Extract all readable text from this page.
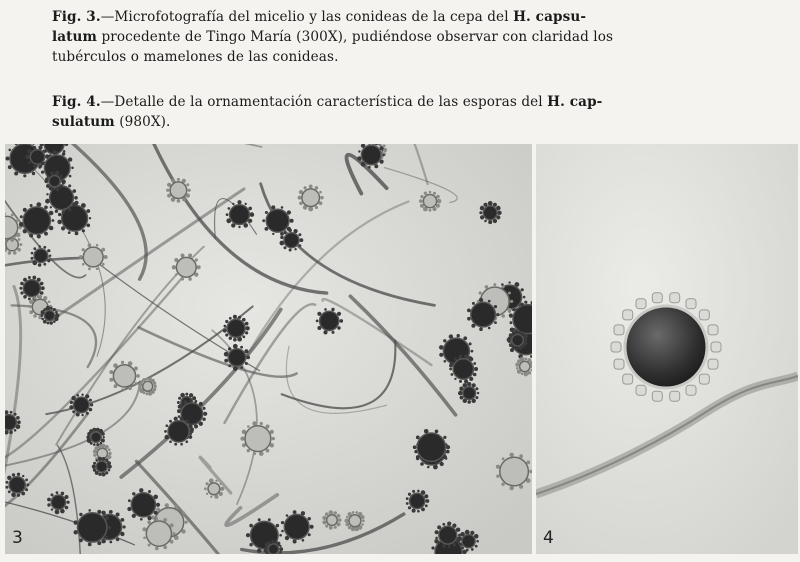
Fig. 3.—Microfotografía del micelio y las conideas de la cepa del H. capsu-
latum procedente de Tingo María (300X), pudiéndose observar con claridad los
tubérculos o mamelones de las conideas.
Fig. 4.—Detalle de la ornamentación característica de las esporas del H. cap-
sulatum (980X).
3	4
